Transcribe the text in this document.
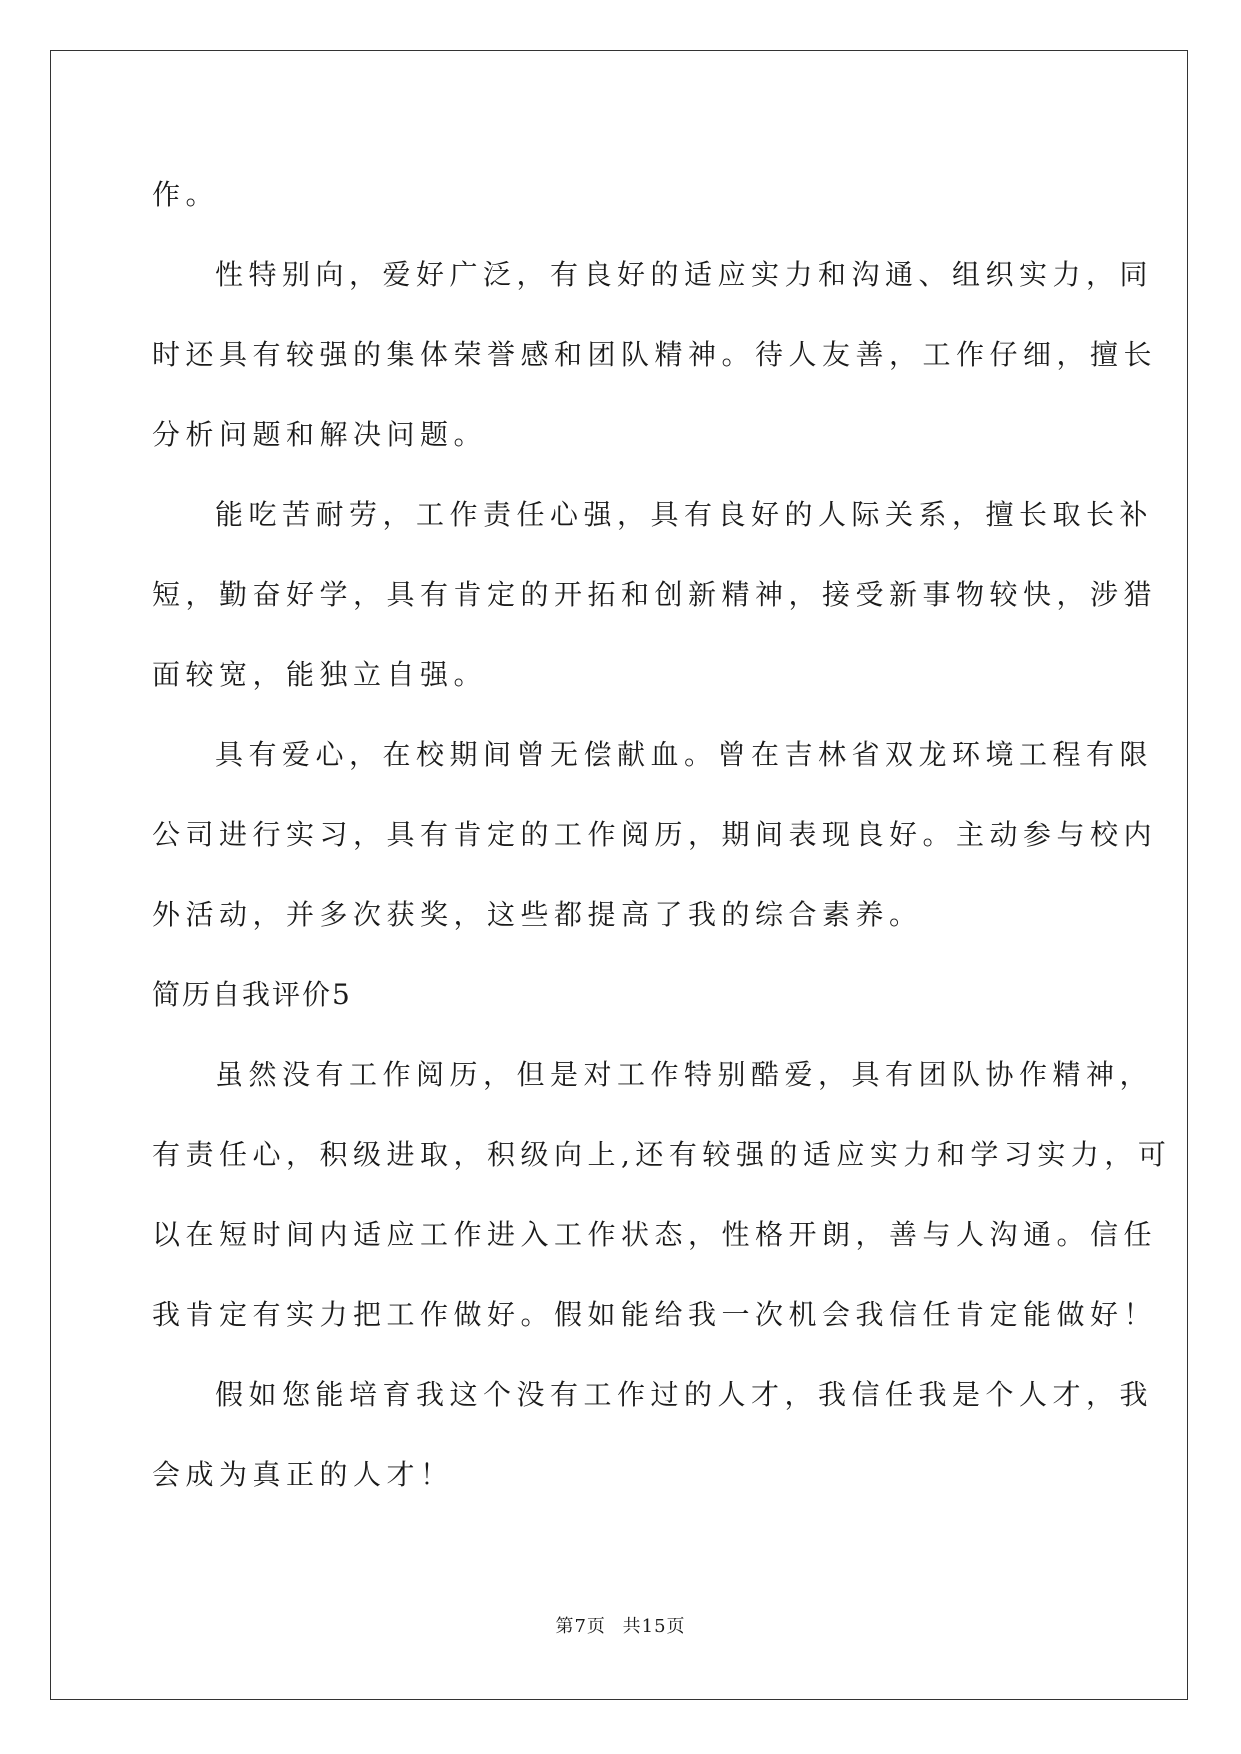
作。
性特别向，爱好广泛，有良好的适应实力和沟通、组织实力，同
时还具有较强的集体荣誉感和团队精神。待人友善，工作仔细，擅长
分析问题和解决问题。
能吃苦耐劳，工作责任心强，具有良好的人际关系，擅长取长补
短，勤奋好学，具有肯定的开拓和创新精神，接受新事物较快，涉猎
面较宽，能独立自强。
具有爱心，在校期间曾无偿献血。曾在吉林省双龙环境工程有限
公司进行实习，具有肯定的工作阅历，期间表现良好。主动参与校内
外活动，并多次获奖，这些都提高了我的综合素养。
简历自我评价5
虽然没有工作阅历，但是对工作特别酷爱，具有团队协作精神，
有责任心，积级进取，积级向上,还有较强的适应实力和学习实力，可
以在短时间内适应工作进入工作状态，性格开朗，善与人沟通。信任
我肯定有实力把工作做好。假如能给我一次机会我信任肯定能做好！
假如您能培育我这个没有工作过的人才，我信任我是个人才，我
会成为真正的人才！
第7页 共15页
